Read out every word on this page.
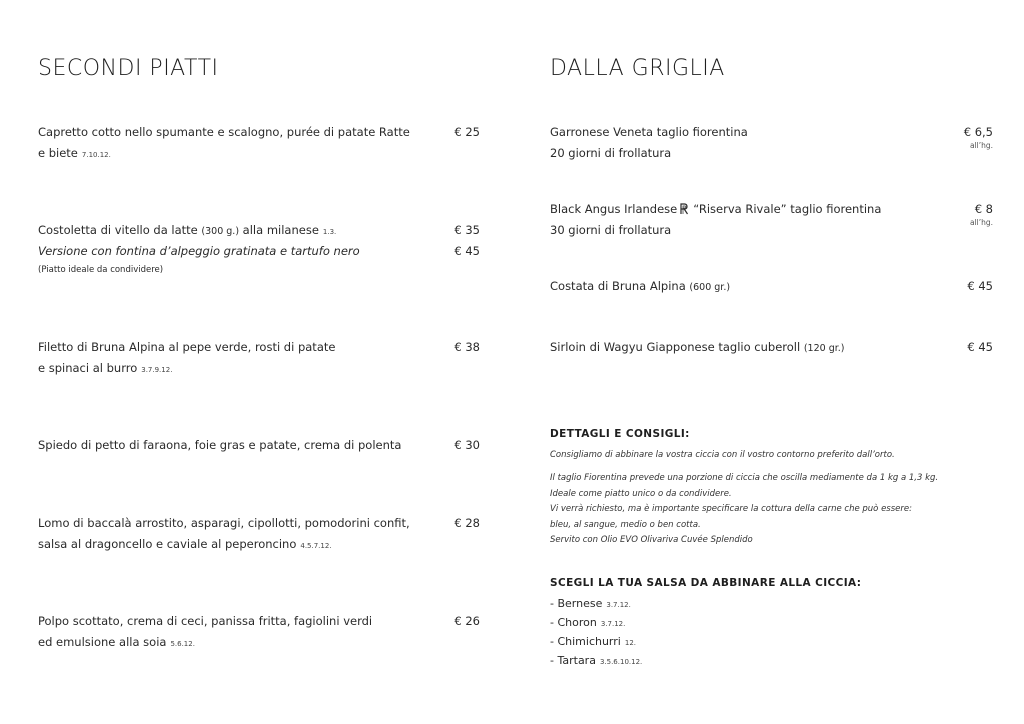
SECONDI PIATTI
Capretto cotto nello spumante e scalogno, purée di patate Ratte	€ 25
e biete 7.10.12.
Costoletta di vitello da latte (300 g.) alla milanese 1.3.	€ 35
Versione con fontina d’alpeggio gratinata e tartufo nero	€ 45
(Piatto ideale da condividere)
Filetto di Bruna Alpina al pepe verde, rosti di patate	€ 38
e spinaci al burro 3.7.9.12.
Spiedo di petto di faraona, foie gras e patate, crema di polenta	€ 30
Lomo di baccalà arrostito, asparagi, cipollotti, pomodorini confit,	€ 28
salsa al dragoncello e caviale al peperoncino 4.5.7.12.
Polpo scottato, crema di ceci, panissa fritta, fagiolini verdi	€ 26
ed emulsione alla soia 5.6.12.
DALLA GRIGLIA
Garronese Veneta taglio fiorentina	€ 6,5
all’hg.
20 giorni di frollatura
Black Angus Irlandese “Riserva Rivale” taglio fiorentina	€ 8
all’hg.
30 giorni di frollatura
Costata di Bruna Alpina (600 gr.)	€ 45
Sirloin di Wagyu Giapponese taglio cuberoll (120 gr.)	€ 45
DETTAGLI E CONSIGLI:
Consigliamo di abbinare la vostra ciccia con il vostro contorno preferito dall’orto.
Il taglio Fiorentina prevede una porzione di ciccia che oscilla mediamente da 1 kg a 1,3 kg.
Ideale come piatto unico o da condividere.
Vi verrà richiesto, ma è importante specificare la cottura della carne che può essere:
bleu, al sangue, medio o ben cotta.
Servito con Olio EVO Olivariva Cuvée Splendido
SCEGLI LA TUA SALSA DA ABBINARE ALLA CICCIA:
- Bernese 3.7.12.
- Choron 3.7.12.
- Chimichurri 12.
- Tartara 3.5.6.10.12.
